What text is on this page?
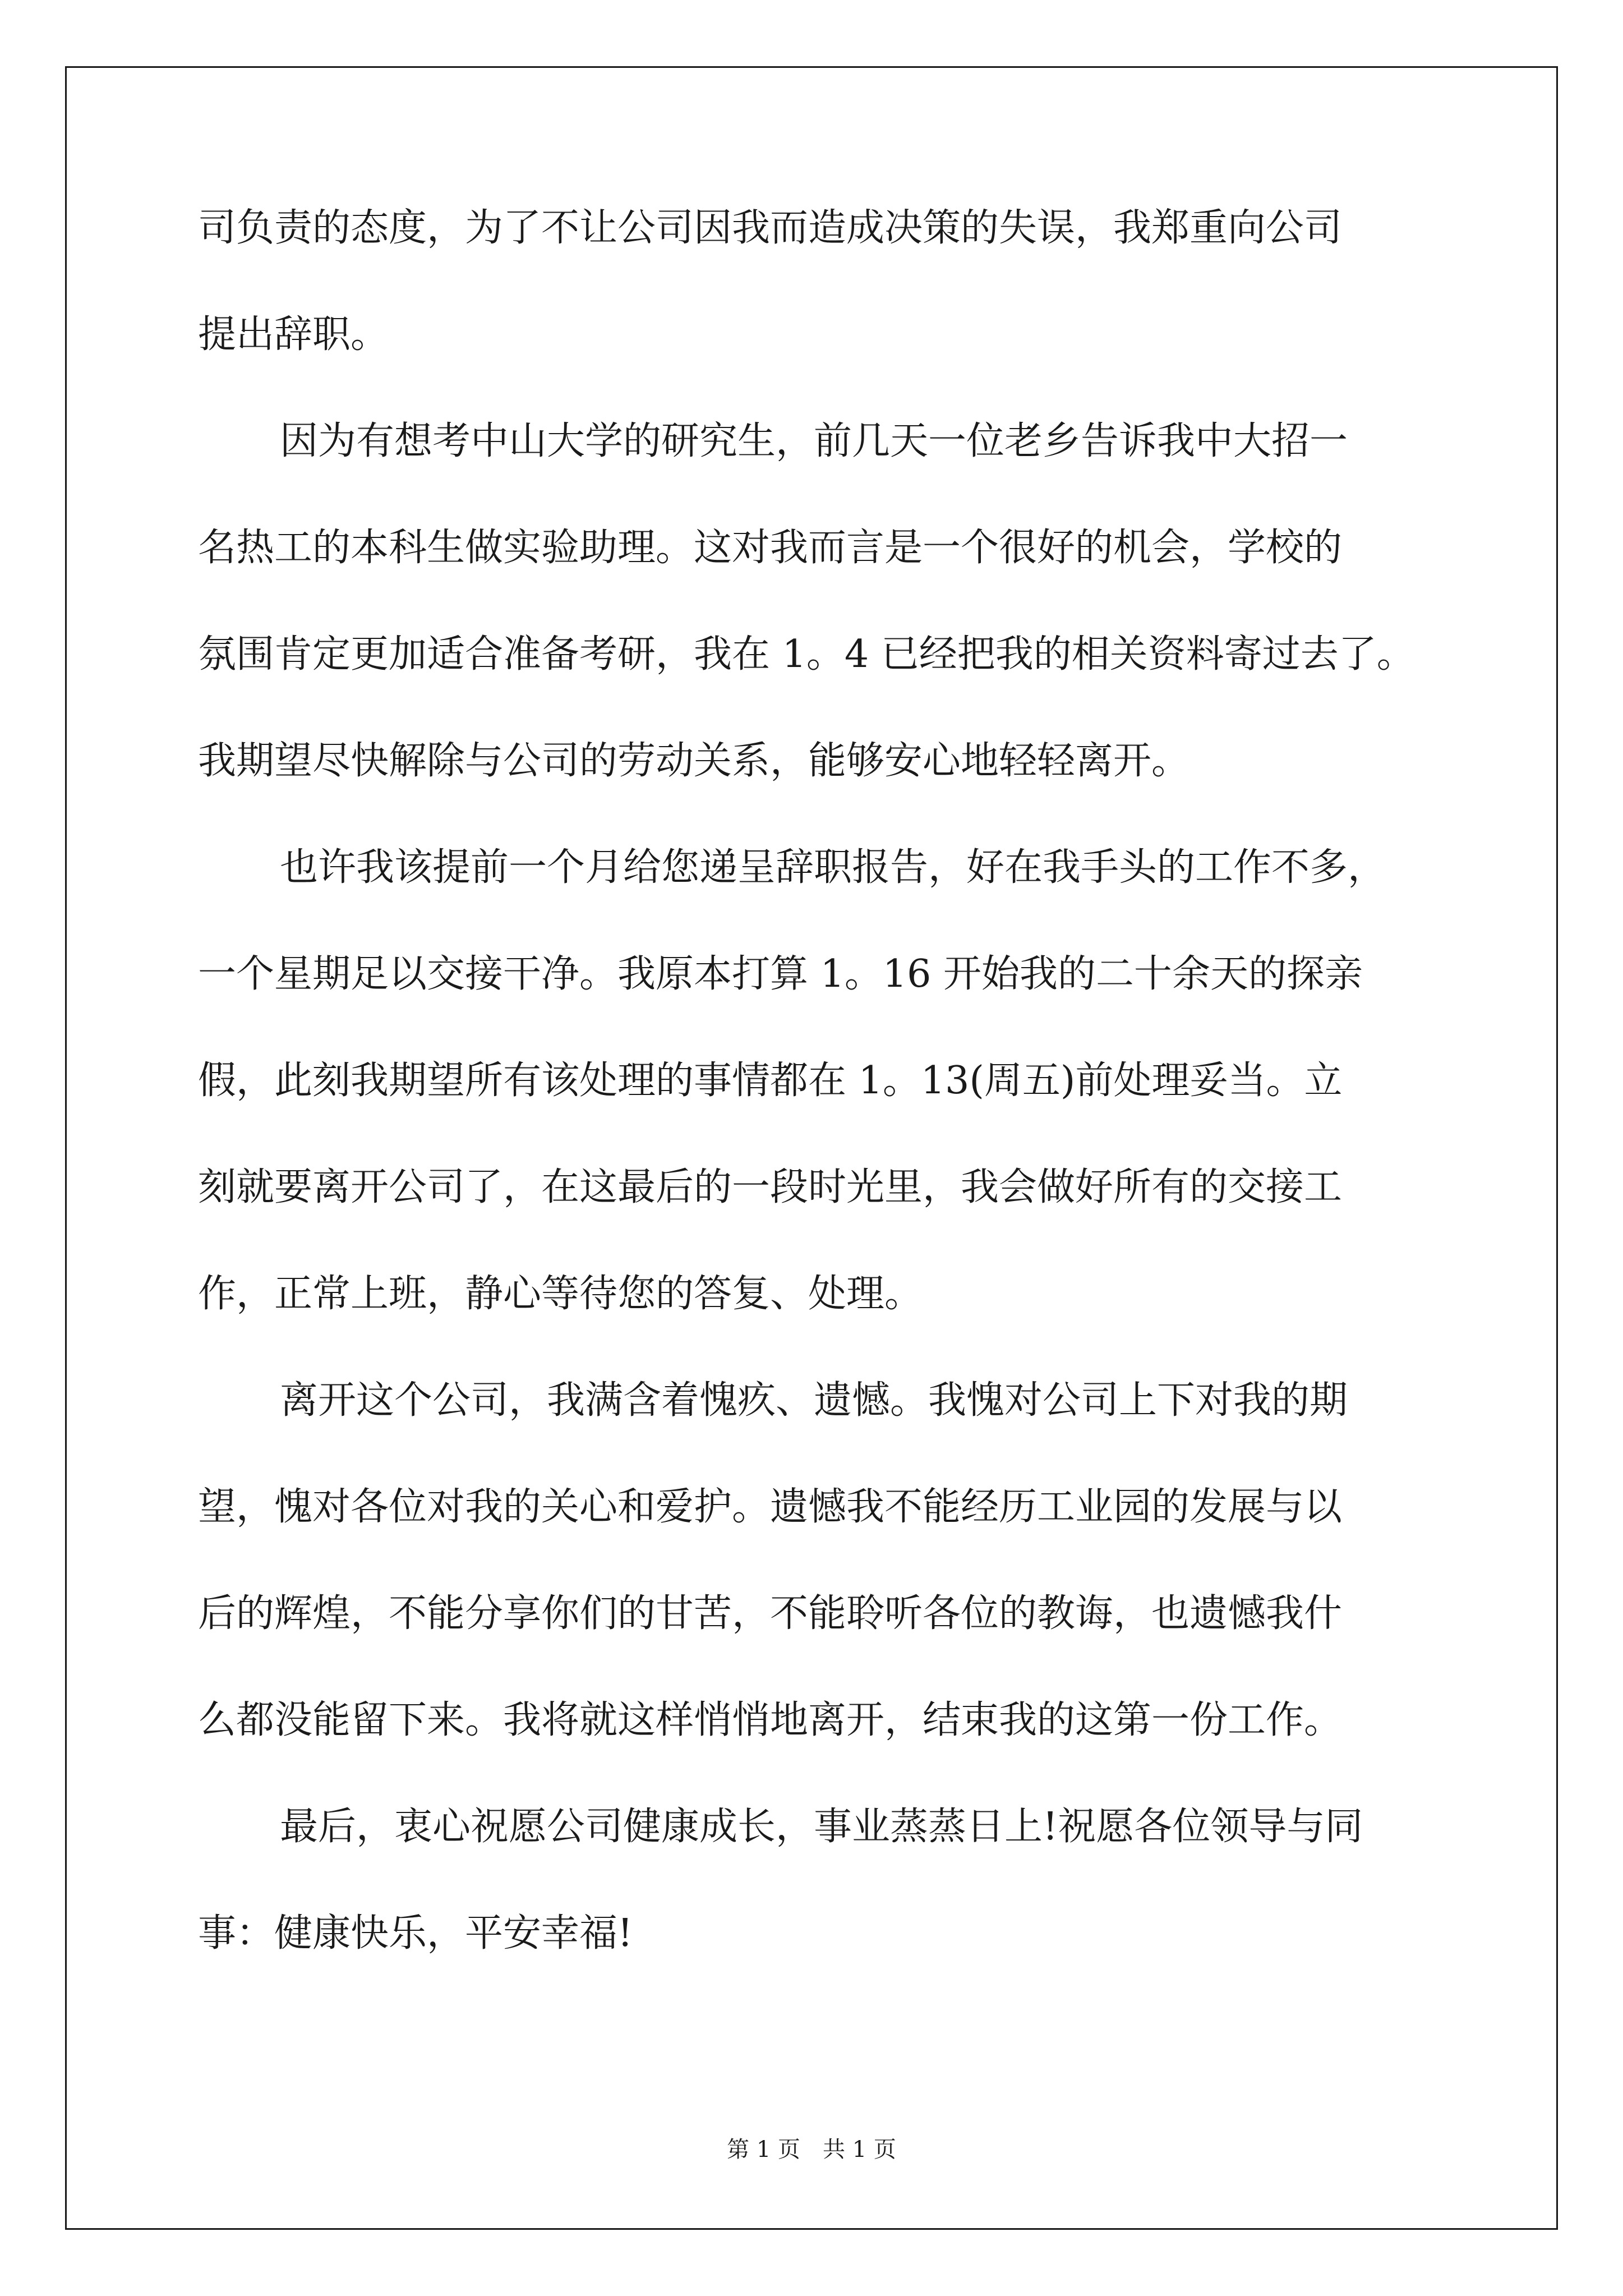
司负责的态度，为了不让公司因我而造成决策的失误，我郑重向公司
提出辞职。
因为有想考中山大学的研究生，前几天一位老乡告诉我中大招一
名热工的本科生做实验助理。这对我而言是一个很好的机会，学校的
氛围肯定更加适合准备考研，我在 1。4 已经把我的相关资料寄过去了。
我期望尽快解除与公司的劳动关系，能够安心地轻轻离开。
也许我该提前一个月给您递呈辞职报告，好在我手头的工作不多，
一个星期足以交接干净。我原本打算 1。16 开始我的二十余天的探亲
假，此刻我期望所有该处理的事情都在 1。13(周五)前处理妥当。立
刻就要离开公司了，在这最后的一段时光里，我会做好所有的交接工
作，正常上班，静心等待您的答复、处理。
离开这个公司，我满含着愧疚、遗憾。我愧对公司上下对我的期
望，愧对各位对我的关心和爱护。遗憾我不能经历工业园的发展与以
后的辉煌，不能分享你们的甘苦，不能聆听各位的教诲，也遗憾我什
么都没能留下来。我将就这样悄悄地离开，结束我的这第一份工作。
最后，衷心祝愿公司健康成长，事业蒸蒸日上!祝愿各位领导与同
事：健康快乐，平安幸福!
第 1 页　共 1 页
